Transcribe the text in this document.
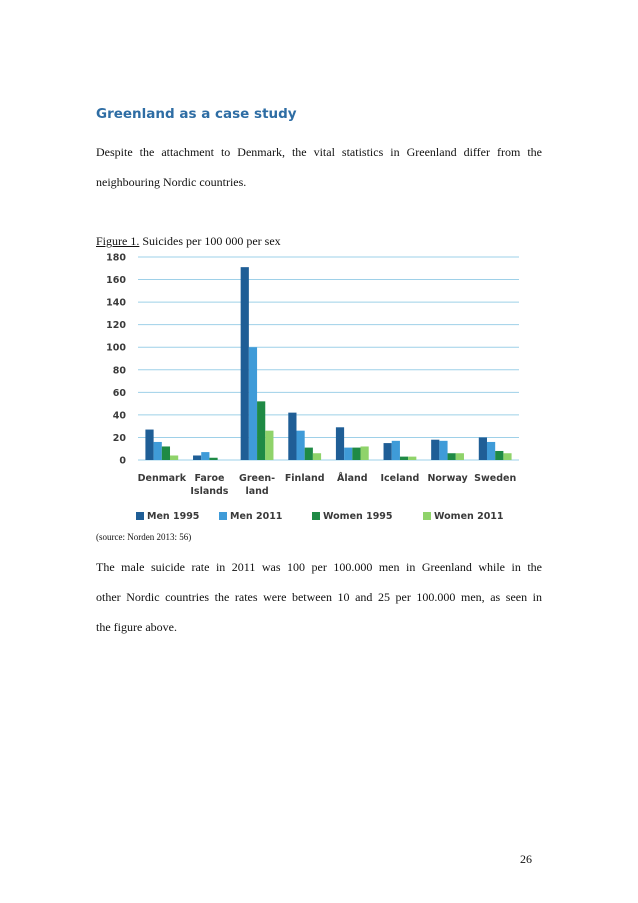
Greenland as a case study

Despite the attachment to Denmark, the vital statistics in Greenland differ from the
neighbouring Nordic countries.

Figure 1. Suicides per 100 000 per sex
0
20
40
60
80
100
120
140
160
180
Denmark Faroe
Islands
Green-
land
Finland Åland Iceland Norway Sweden
Men 1995	Men 2011	Women 1995	Women 2011
(source: Norden 2013: 56)

The male suicide rate in 2011 was 100 per 100.000 men in Greenland while in the
other Nordic countries the rates were between 10 and 25 per 100.000 men, as seen in
the figure above.

26
